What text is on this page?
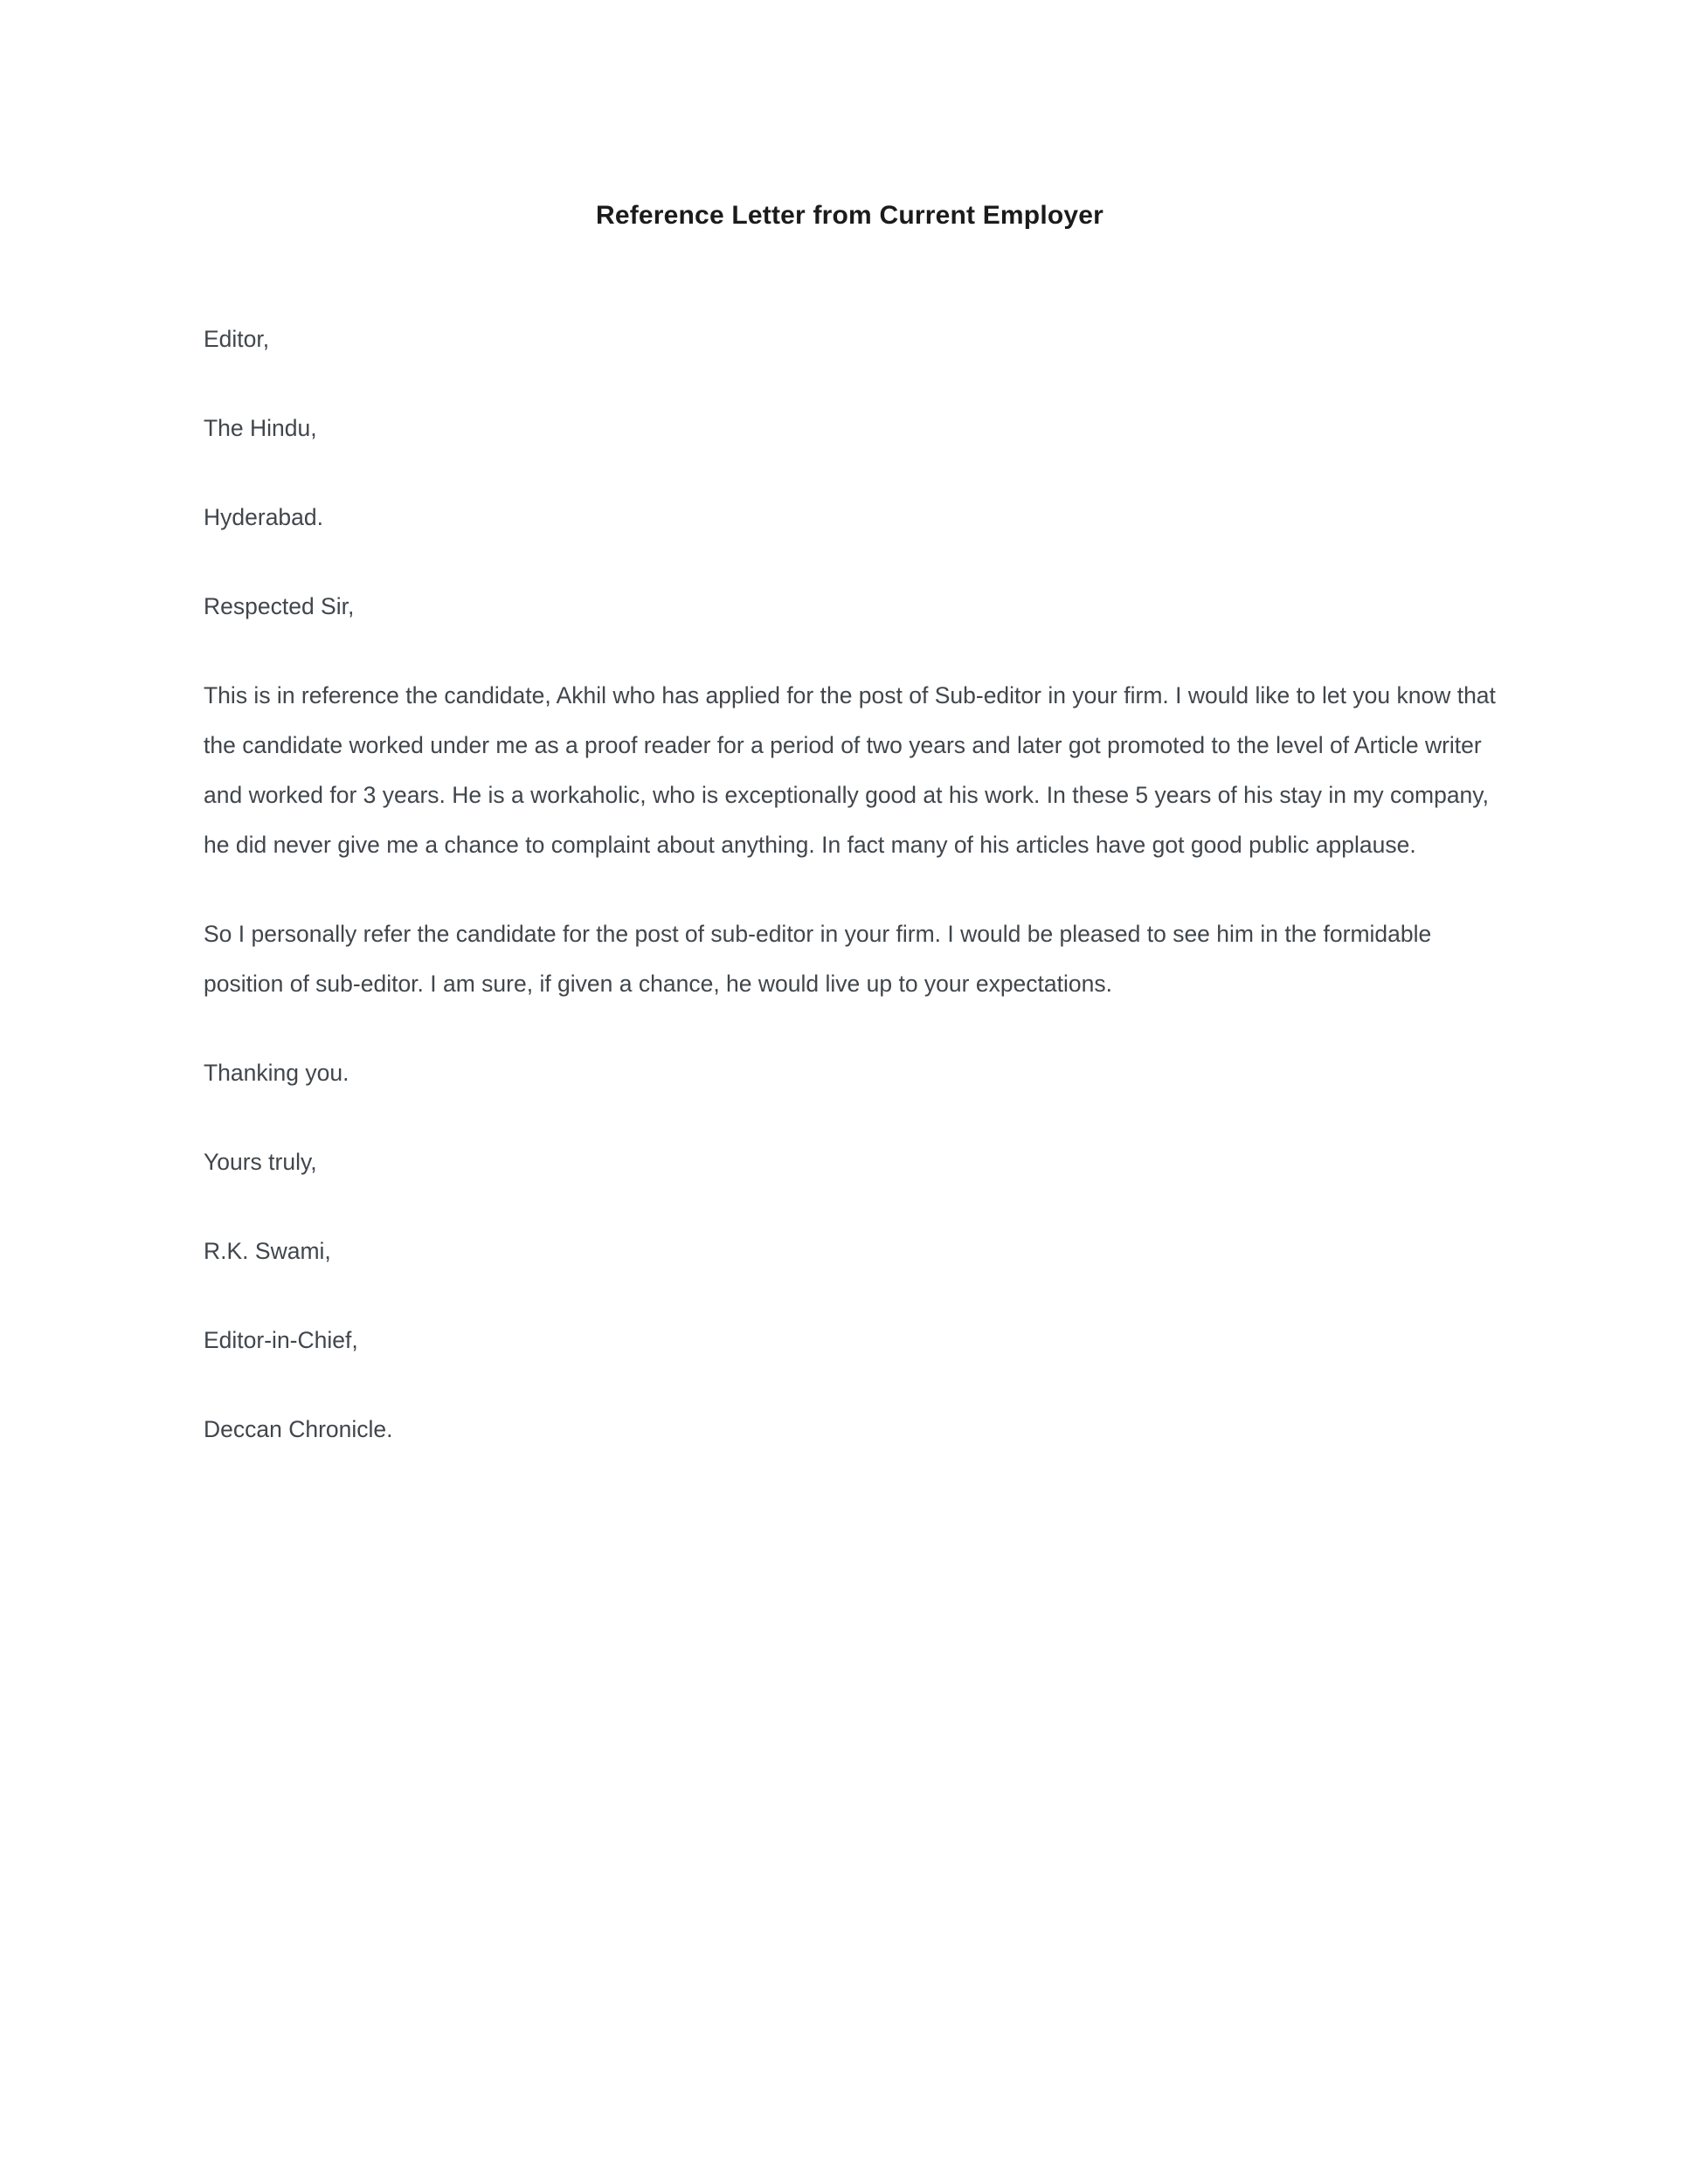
Reference Letter from Current Employer

Editor,

The Hindu,

Hyderabad.

Respected Sir,

This is in reference the candidate, Akhil who has applied for the post of Sub-editor in your firm. I would like to let you know that the candidate worked under me as a proof reader for a period of two years and later got promoted to the level of Article writer and worked for 3 years. He is a workaholic, who is exceptionally good at his work. In these 5 years of his stay in my company, he did never give me a chance to complaint about anything. In fact many of his articles have got good public applause.

So I personally refer the candidate for the post of sub-editor in your firm. I would be pleased to see him in the formidable position of sub-editor. I am sure, if given a chance, he would live up to your expectations.

Thanking you.

Yours truly,

R.K. Swami,

Editor-in-Chief,

Deccan Chronicle.
